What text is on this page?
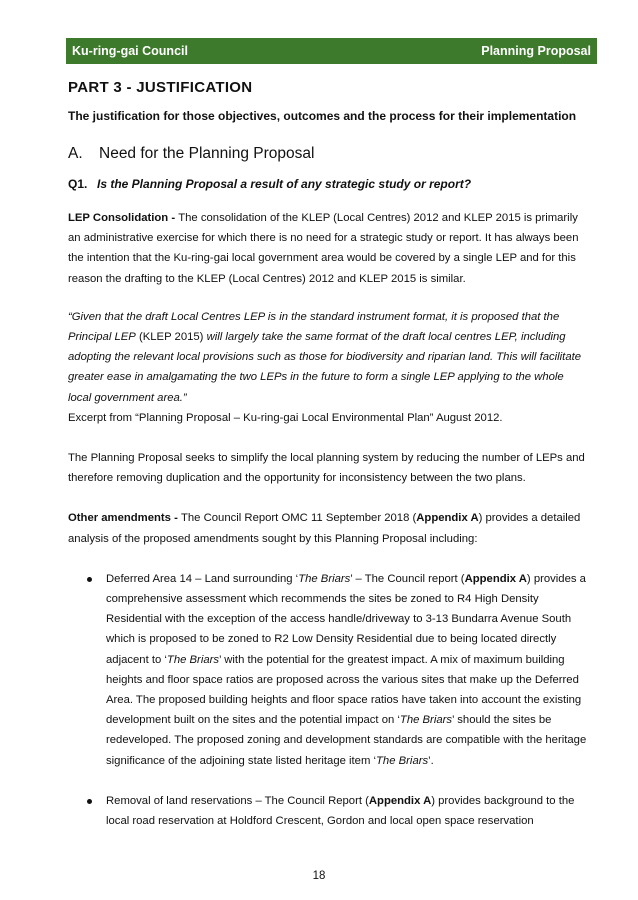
Ku-ring-gai Council	Planning Proposal
PART 3 - JUSTIFICATION
The justification for those objectives, outcomes and the process for their implementation
A.	Need for the Planning Proposal
Q1. Is the Planning Proposal a result of any strategic study or report?

LEP Consolidation - The consolidation of the KLEP (Local Centres) 2012 and KLEP 2015 is primarily an administrative exercise for which there is no need for a strategic study or report. It has always been the intention that the Ku-ring-gai local government area would be covered by a single LEP and for this reason the drafting to the KLEP (Local Centres) 2012 and KLEP 2015 is similar.

“Given that the draft Local Centres LEP is in the standard instrument format, it is proposed that the Principal LEP (KLEP 2015) will largely take the same format of the draft local centres LEP, including adopting the relevant local provisions such as those for biodiversity and riparian land. This will facilitate greater ease in amalgamating the two LEPs in the future to form a single LEP applying to the whole local government area.”
Excerpt from “Planning Proposal – Ku-ring-gai Local Environmental Plan” August 2012.

The Planning Proposal seeks to simplify the local planning system by reducing the number of LEPs and therefore removing duplication and the opportunity for inconsistency between the two plans.

Other amendments - The Council Report OMC 11 September 2018 (Appendix A) provides a detailed analysis of the proposed amendments sought by this Planning Proposal including:

Deferred Area 14 – Land surrounding ‘The Briars’ – The Council report (Appendix A) provides a comprehensive assessment which recommends the sites be zoned to R4 High Density Residential with the exception of the access handle/driveway to 3-13 Bundarra Avenue South which is proposed to be zoned to R2 Low Density Residential due to being located directly adjacent to ‘The Briars’ with the potential for the greatest impact. A mix of maximum building heights and floor space ratios are proposed across the various sites that make up the Deferred Area. The proposed building heights and floor space ratios have taken into account the existing development built on the sites and the potential impact on ‘The Briars’ should the sites be redeveloped. The proposed zoning and development standards are compatible with the heritage significance of the adjoining state listed heritage item ‘The Briars’.
Removal of land reservations – The Council Report (Appendix A) provides background to the local road reservation at Holdford Crescent, Gordon and local open space reservation
18
